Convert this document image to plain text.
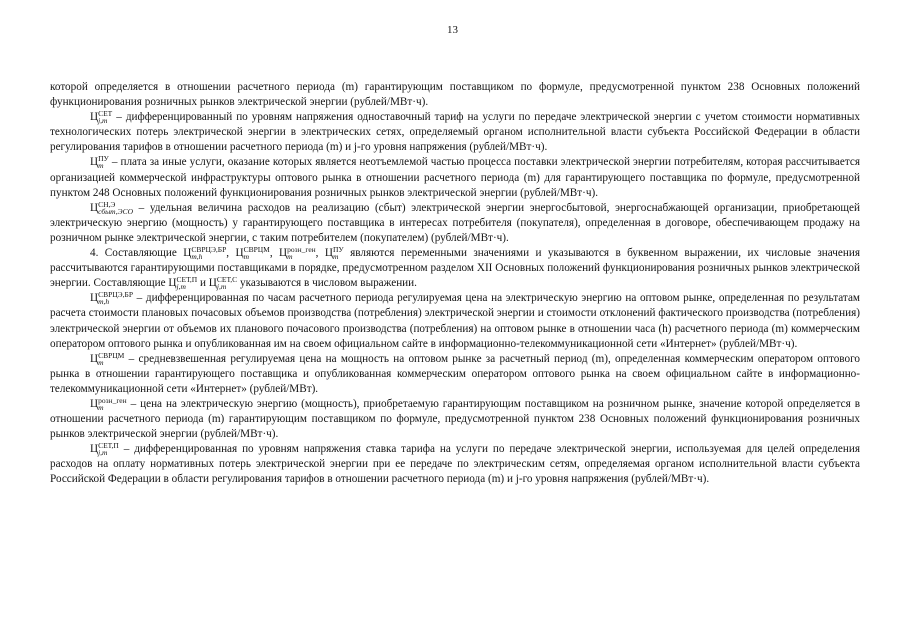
13

которой определяется в отношении расчетного периода (m) гарантирующим поставщиком по формуле, предусмотренной пунктом 238 Основных положений функционирования розничных рынков электрической энергии (рублей/МВт·ч).

Ц СЕТ
j,m – дифференцированный по уровням напряжения одноставочный тариф на услуги по передаче электрической энергии с учетом стоимости нормативных технологических потерь электрической энергии в электрических сетях, определяемый органом исполнительной власти субъекта Российской Федерации в области регулирования тарифов в отношении расчетного периода (m) и j-го уровня напряжения (рублей/МВт·ч).

Ц ПУ
m – плата за иные услуги, оказание которых является неотъемлемой частью процесса поставки электрической энергии потребителям, которая рассчитывается организацией коммерческой инфраструктуры оптового рынка в отношении расчетного периода (m) для гарантирующего поставщика по формуле, предусмотренной пунктом 248 Основных положений функционирования розничных рынков электрической энергии (рублей/МВт·ч).

Ц СН,Э
сбыт,ЭСО – удельная величина расходов на реализацию (сбыт) электрической энергии энергосбытовой, энергоснабжающей организации, приобретающей электрическую энергию (мощность) у гарантирующего поставщика в интересах потребителя (покупателя), определенная в договоре, обеспечивающем продажу на розничном рынке электрической энергии, с таким потребителем (покупателем) (рублей/МВт·ч).

4. Составляющие Ц СВРЦЭ,БР
m,h	, Ц СВРЦМ
m	, Ц розн_ген
m	, Ц ПУ
m являются переменными значениями и указываются в буквенном выражении, их числовые значения рассчитываются гарантирующими поставщиками в порядке, предусмотренном разделом XII Основных положений функционирования розничных рынков электрической энергии. Составляющие Ц СЕТ,П
j,m	и Ц СЕТ,С
j,m указываются в числовом выражении.

Ц СВРЦЭ,БР
m,h	– дифференцированная по часам расчетного периода регулируемая цена на электрическую энергию на оптовом рынке, определенная по результатам расчета стоимости плановых почасовых объемов производства (потребления) электрической энергии и стоимости отклонений фактического производства (потребления) электрической энергии от объемов их планового почасового производства (потребления) на оптовом рынке в отношении часа (h) расчетного периода (m) коммерческим оператором оптового рынка и опубликованная им на своем официальном сайте в информационно-телекоммуникационной сети «Интернет» (рублей/МВт·ч).

Ц СВРЦМ
m	– средневзвешенная регулируемая цена на мощность на оптовом рынке за расчетный период (m), определенная коммерческим оператором оптового рынка в отношении гарантирующего поставщика и опубликованная коммерческим оператором оптового рынка на своем официальном сайте в информационно-телекоммуникационной сети «Интернет» (рублей/МВт).

Ц розн_ген
m	– цена на электрическую энергию (мощность), приобретаемую гарантирующим поставщиком на розничном рынке, значение которой определяется в отношении расчетного периода (m) гарантирующим поставщиком по формуле, предусмотренной пунктом 238 Основных положений функционирования розничных рынков электрической энергии (рублей/МВт·ч).

Ц СЕТ,П
j,m	– дифференцированная по уровням напряжения ставка тарифа на услуги по передаче электрической энергии, используемая для целей определения расходов на оплату нормативных потерь электрической энергии при ее передаче по электрическим сетям, определяемая органом исполнительной власти субъекта Российской Федерации в области регулирования тарифов в отношении расчетного периода (m) и j-го уровня напряжения (рублей/МВт·ч).
